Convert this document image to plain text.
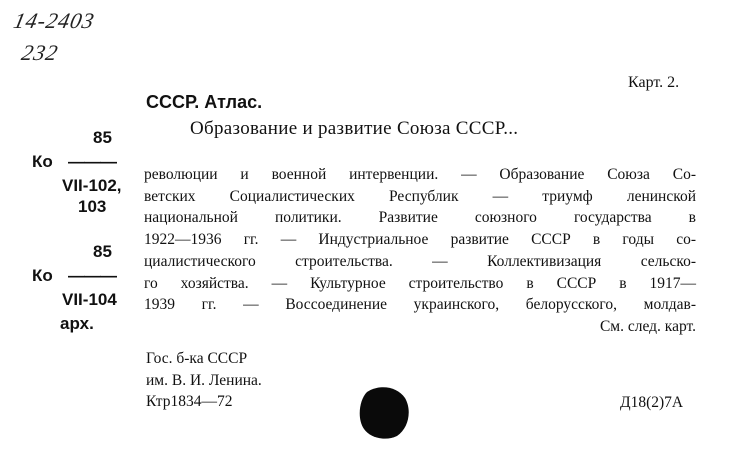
14-2403
232
Карт. 2.
СССР. Атлас.
Образование и развитие Союза СССР...
85
Ко ———
VII-102,
103
85
Ко ———
VII-104
арх.
революции и военной интервенции. — Образование Союза Со-
ветских Социалистических Республик — триумф ленинской
национальной политики. Развитие союзного государства в
1922—1936 гг. — Индустриальное развитие СССР в годы со-
циалистического строительства. — Коллективизация сельско-
го хозяйства. — Культурное строительство в СССР в 1917—
1939 гг. — Воссоединение украинского, белорусского, молдав-
См. след. карт.
Гос. б-ка СССР
им. В. И. Ленина.
Ктр1834—72	Д18(2)7А
